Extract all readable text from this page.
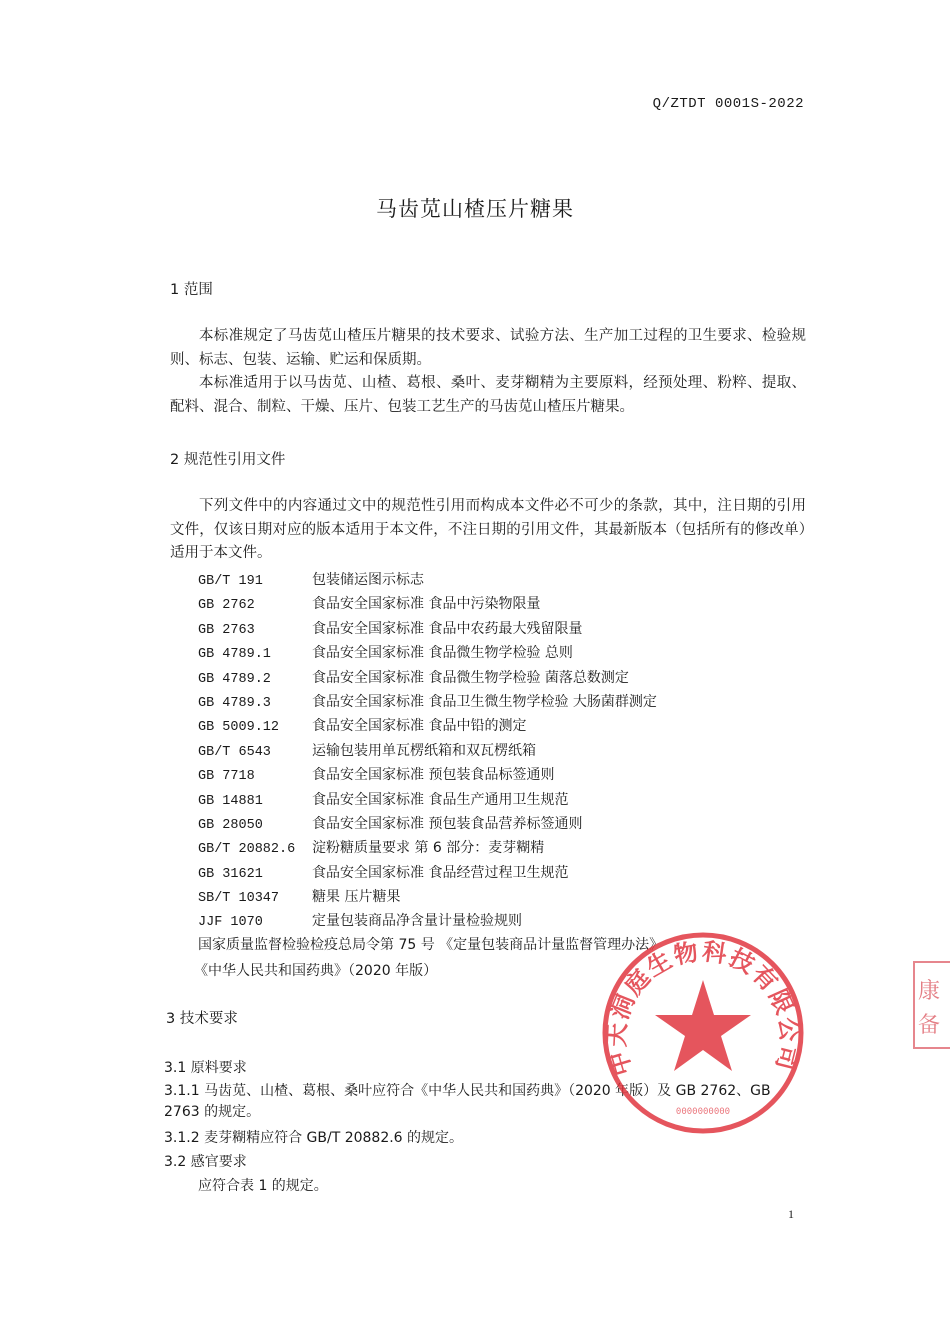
Q/ZTDT 0001S-2022
马齿苋山楂压片糖果
1 范围

本标准规定了马齿苋山楂压片糖果的技术要求、试验方法、生产加工过程的卫生要求、检验规则、标志、包装、运输、贮运和保质期。

本标准适用于以马齿苋、山楂、葛根、桑叶、麦芽糊精为主要原料，经预处理、粉粹、提取、配料、混合、制粒、干燥、压片、包装工艺生产的马齿苋山楂压片糖果。

2 规范性引用文件

下列文件中的内容通过文中的规范性引用而构成本文件必不可少的条款，其中，注日期的引用文件，仅该日期对应的版本适用于本文件，不注日期的引用文件，其最新版本（包括所有的修改单）适用于本文件。

GB/T 191	包装储运图示标志
GB 2762	食品安全国家标准 食品中污染物限量
GB 2763	食品安全国家标准 食品中农药最大残留限量
GB 4789.1	食品安全国家标准 食品微生物学检验 总则
GB 4789.2	食品安全国家标准 食品微生物学检验 菌落总数测定
GB 4789.3	食品安全国家标准 食品卫生微生物学检验 大肠菌群测定
GB 5009.12 食品安全国家标准 食品中铅的测定
GB/T 6543	运输包装用单瓦楞纸箱和双瓦楞纸箱
GB 7718	食品安全国家标准 预包装食品标签通则
GB 14881	食品安全国家标准 食品生产通用卫生规范
GB 28050	食品安全国家标准 预包装食品营养标签通则
GB/T 20882.6 淀粉糖质量要求 第 6 部分：麦芽糊精
GB 31621	食品安全国家标准 食品经营过程卫生规范
SB/T 10347 糖果 压片糖果
JJF 1070	定量包装商品净含量计量检验规则
国家质量监督检验检疫总局令第 75 号 《定量包装商品计量监督管理办法》
《中华人民共和国药典》（2020 年版）
3 技术要求
3.1 原料要求
3.1.1 马齿苋、山楂、葛根、桑叶应符合《中华人民共和国药典》（2020 年版）及 GB 2762、GB 2763 的规定。
3.1.2 麦芽糊精应符合 GB/T 20882.6 的规定。
3.2 感官要求
应符合表 1 的规定。
1
中天洞庭生物科技有限公司
0000000000
康
备
